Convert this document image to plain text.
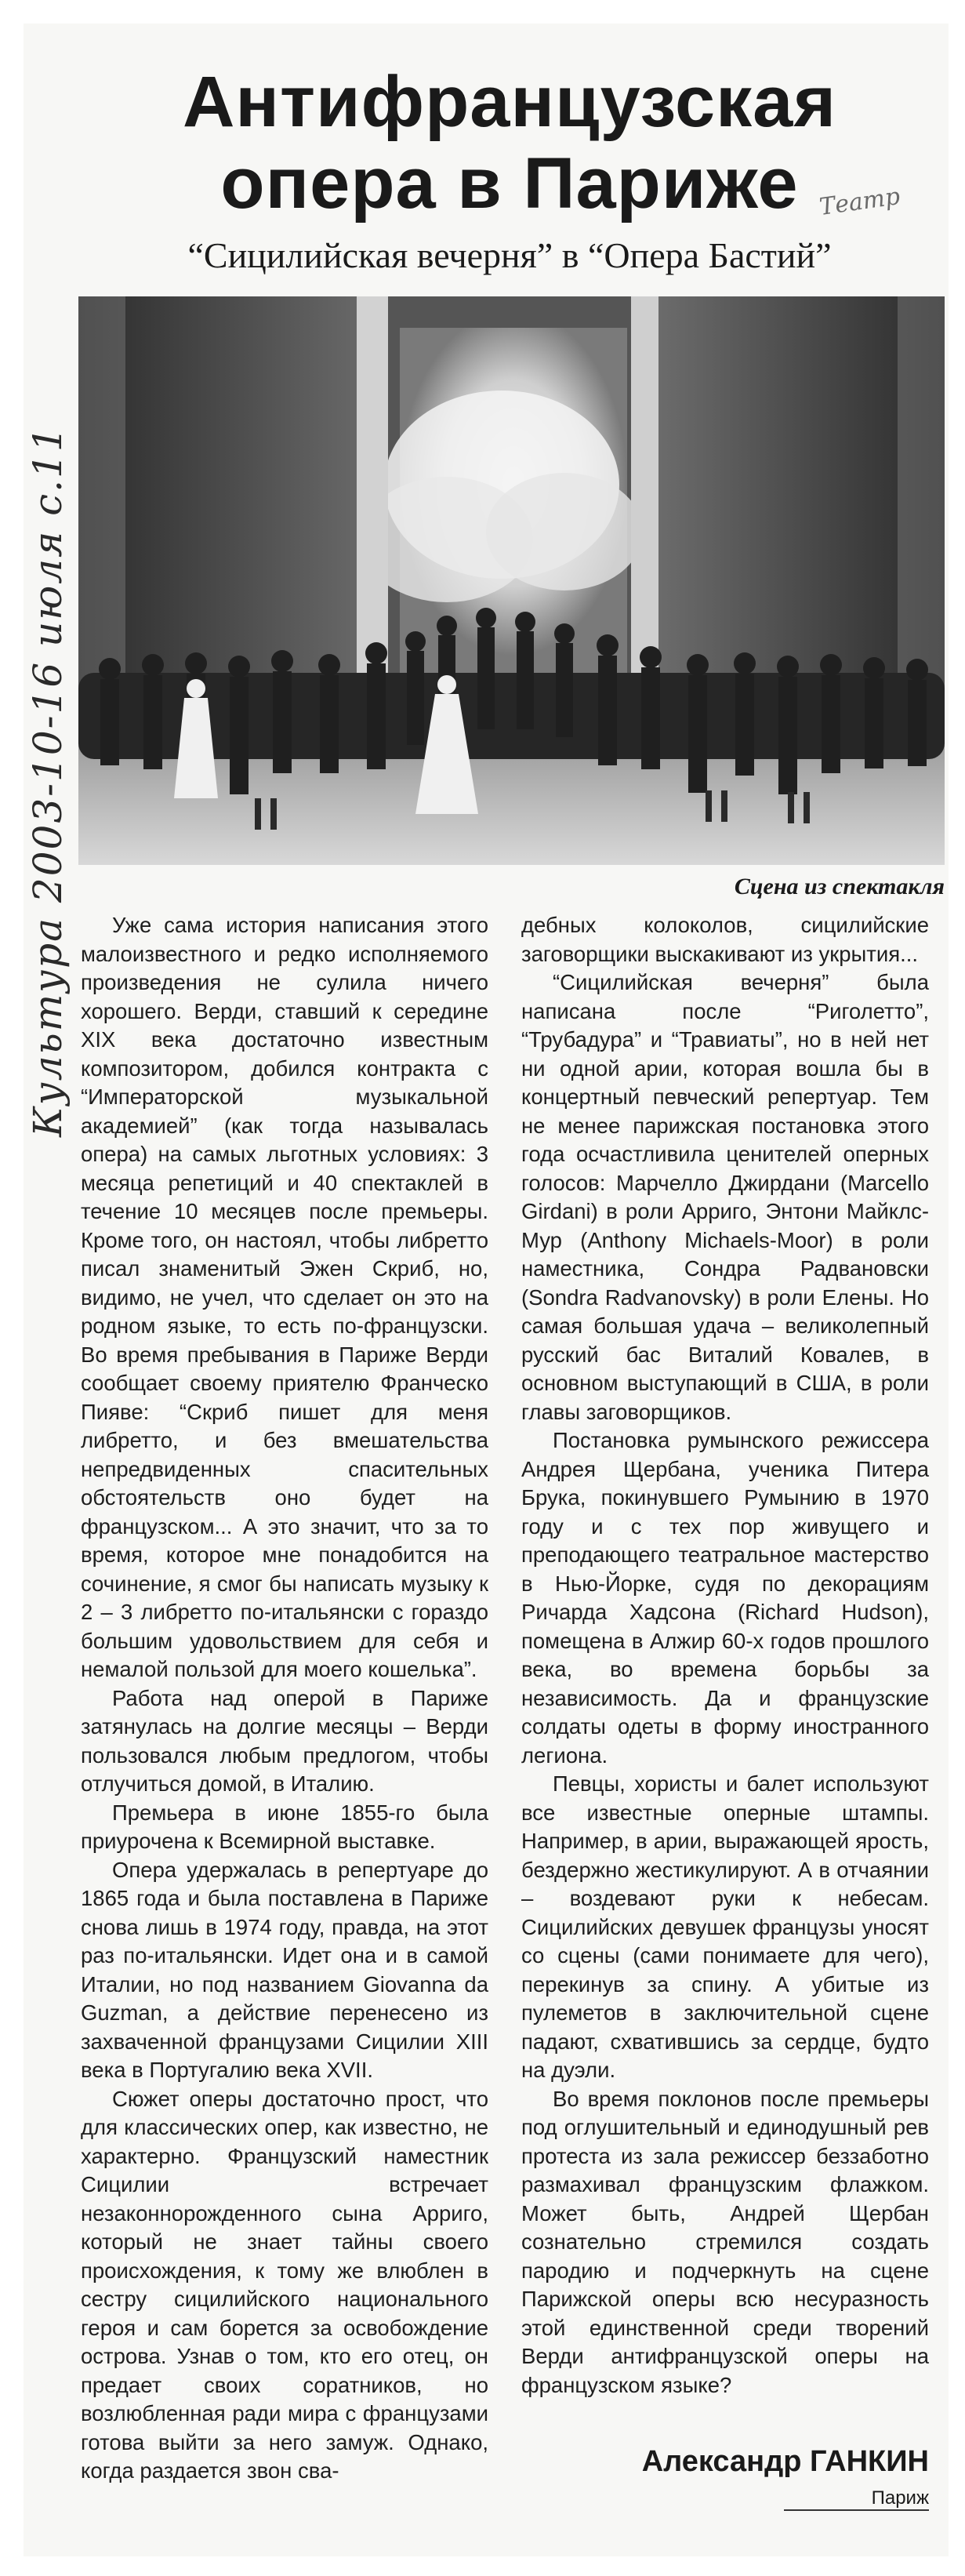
Культура 2003-10-16 июля с.11
Театр
Антифранцузская
опера в Париже
“Сицилийская вечерня” в “Опера Бастий”
Сцена из спектакля

Уже сама история написания этого малоизвестного и редко исполняемого произведения не сулила ничего хорошего. Верди, ставший к середине XIX века достаточно известным композитором, добился контракта с “Императорской музыкальной академией” (как тогда называлась опера) на самых льготных условиях: 3 месяца репетиций и 40 спектаклей в течение 10 месяцев после премьеры. Кроме того, он настоял, чтобы либретто писал знаменитый Эжен Скриб, но, видимо, не учел, что сделает он это на родном языке, то есть по-французски. Во время пребывания в Париже Верди сообщает своему приятелю Франческо Пияве: “Скриб пишет для меня либретто, и без вмешательства непредвиденных спасительных обстоятельств оно будет на французском... А это значит, что за то время, которое мне понадобится на сочинение, я смог бы написать музыку к 2 – 3 либретто по-итальянски с гораздо большим удовольствием для себя и немалой пользой для моего кошелька”.

Работа над оперой в Париже затянулась на долгие месяцы – Верди пользовался любым предлогом, чтобы отлучиться домой, в Италию.

Премьера в июне 1855-го была приурочена к Всемирной выставке.

Опера удержалась в репертуаре до 1865 года и была поставлена в Париже снова лишь в 1974 году, правда, на этот раз по-итальянски. Идет она и в самой Италии, но под названием Giovanna da Guzman, а действие перенесено из захваченной французами Сицилии XIII века в Португалию века XVII.

Сюжет оперы достаточно прост, что для классических опер, как известно, не характерно. Французский наместник Сицилии встречает незаконнорожденного сына Арриго, который не знает тайны своего происхождения, к тому же влюблен в сестру сицилийского национального героя и сам борется за освобождение острова. Узнав о том, кто его отец, он предает своих соратников, но возлюбленная ради мира с французами готова выйти за него замуж. Однако, когда раздается звон сва-

дебных колоколов, сицилийские заговорщики выскакивают из укрытия...

“Сицилийская вечерня” была написана после “Риголетто”, “Трубадура” и “Травиаты”, но в ней нет ни одной арии, которая вошла бы в концертный певческий репертуар. Тем не менее парижская постановка этого года осчастливила ценителей оперных голосов: Марчелло Джирдани (Marcello Girdani) в роли Арриго, Энтони Майклс-Мур (Anthony Michaels-Moor) в роли наместника, Сондра Радвановски (Sondra Radvanovsky) в роли Елены. Но самая большая удача – великолепный русский бас Виталий Ковалев, в основном выступающий в США, в роли главы заговорщиков.

Постановка румынского режиссера Андрея Щербана, ученика Питера Брука, покинувшего Румынию в 1970 году и с тех пор живущего и преподающего театральное мастерство в Нью-Йорке, судя по декорациям Ричарда Хадсона (Richard Hudson), помещена в Алжир 60-х годов прошлого века, во времена борьбы за независимость. Да и французские солдаты одеты в форму иностранного легиона.

Певцы, хористы и балет используют все известные оперные штампы. Например, в арии, выражающей ярость, бездержно жестикулируют. А в отчаянии – воздевают руки к небесам. Сицилийских девушек французы уносят со сцены (сами понимаете для чего), перекинув за спину. А убитые из пулеметов в заключительной сцене падают, схватившись за сердце, будто на дуэли.

Во время поклонов после премьеры под оглушительный и единодушный рев протеста из зала режиссер беззаботно размахивал французским флажком. Может быть, Андрей Щербан сознательно стремился создать пародию и подчеркнуть на сцене Парижской оперы всю несуразность этой единственной среди творений Верди антифранцузской оперы на французском языке?

Александр ГАНКИН
Париж
